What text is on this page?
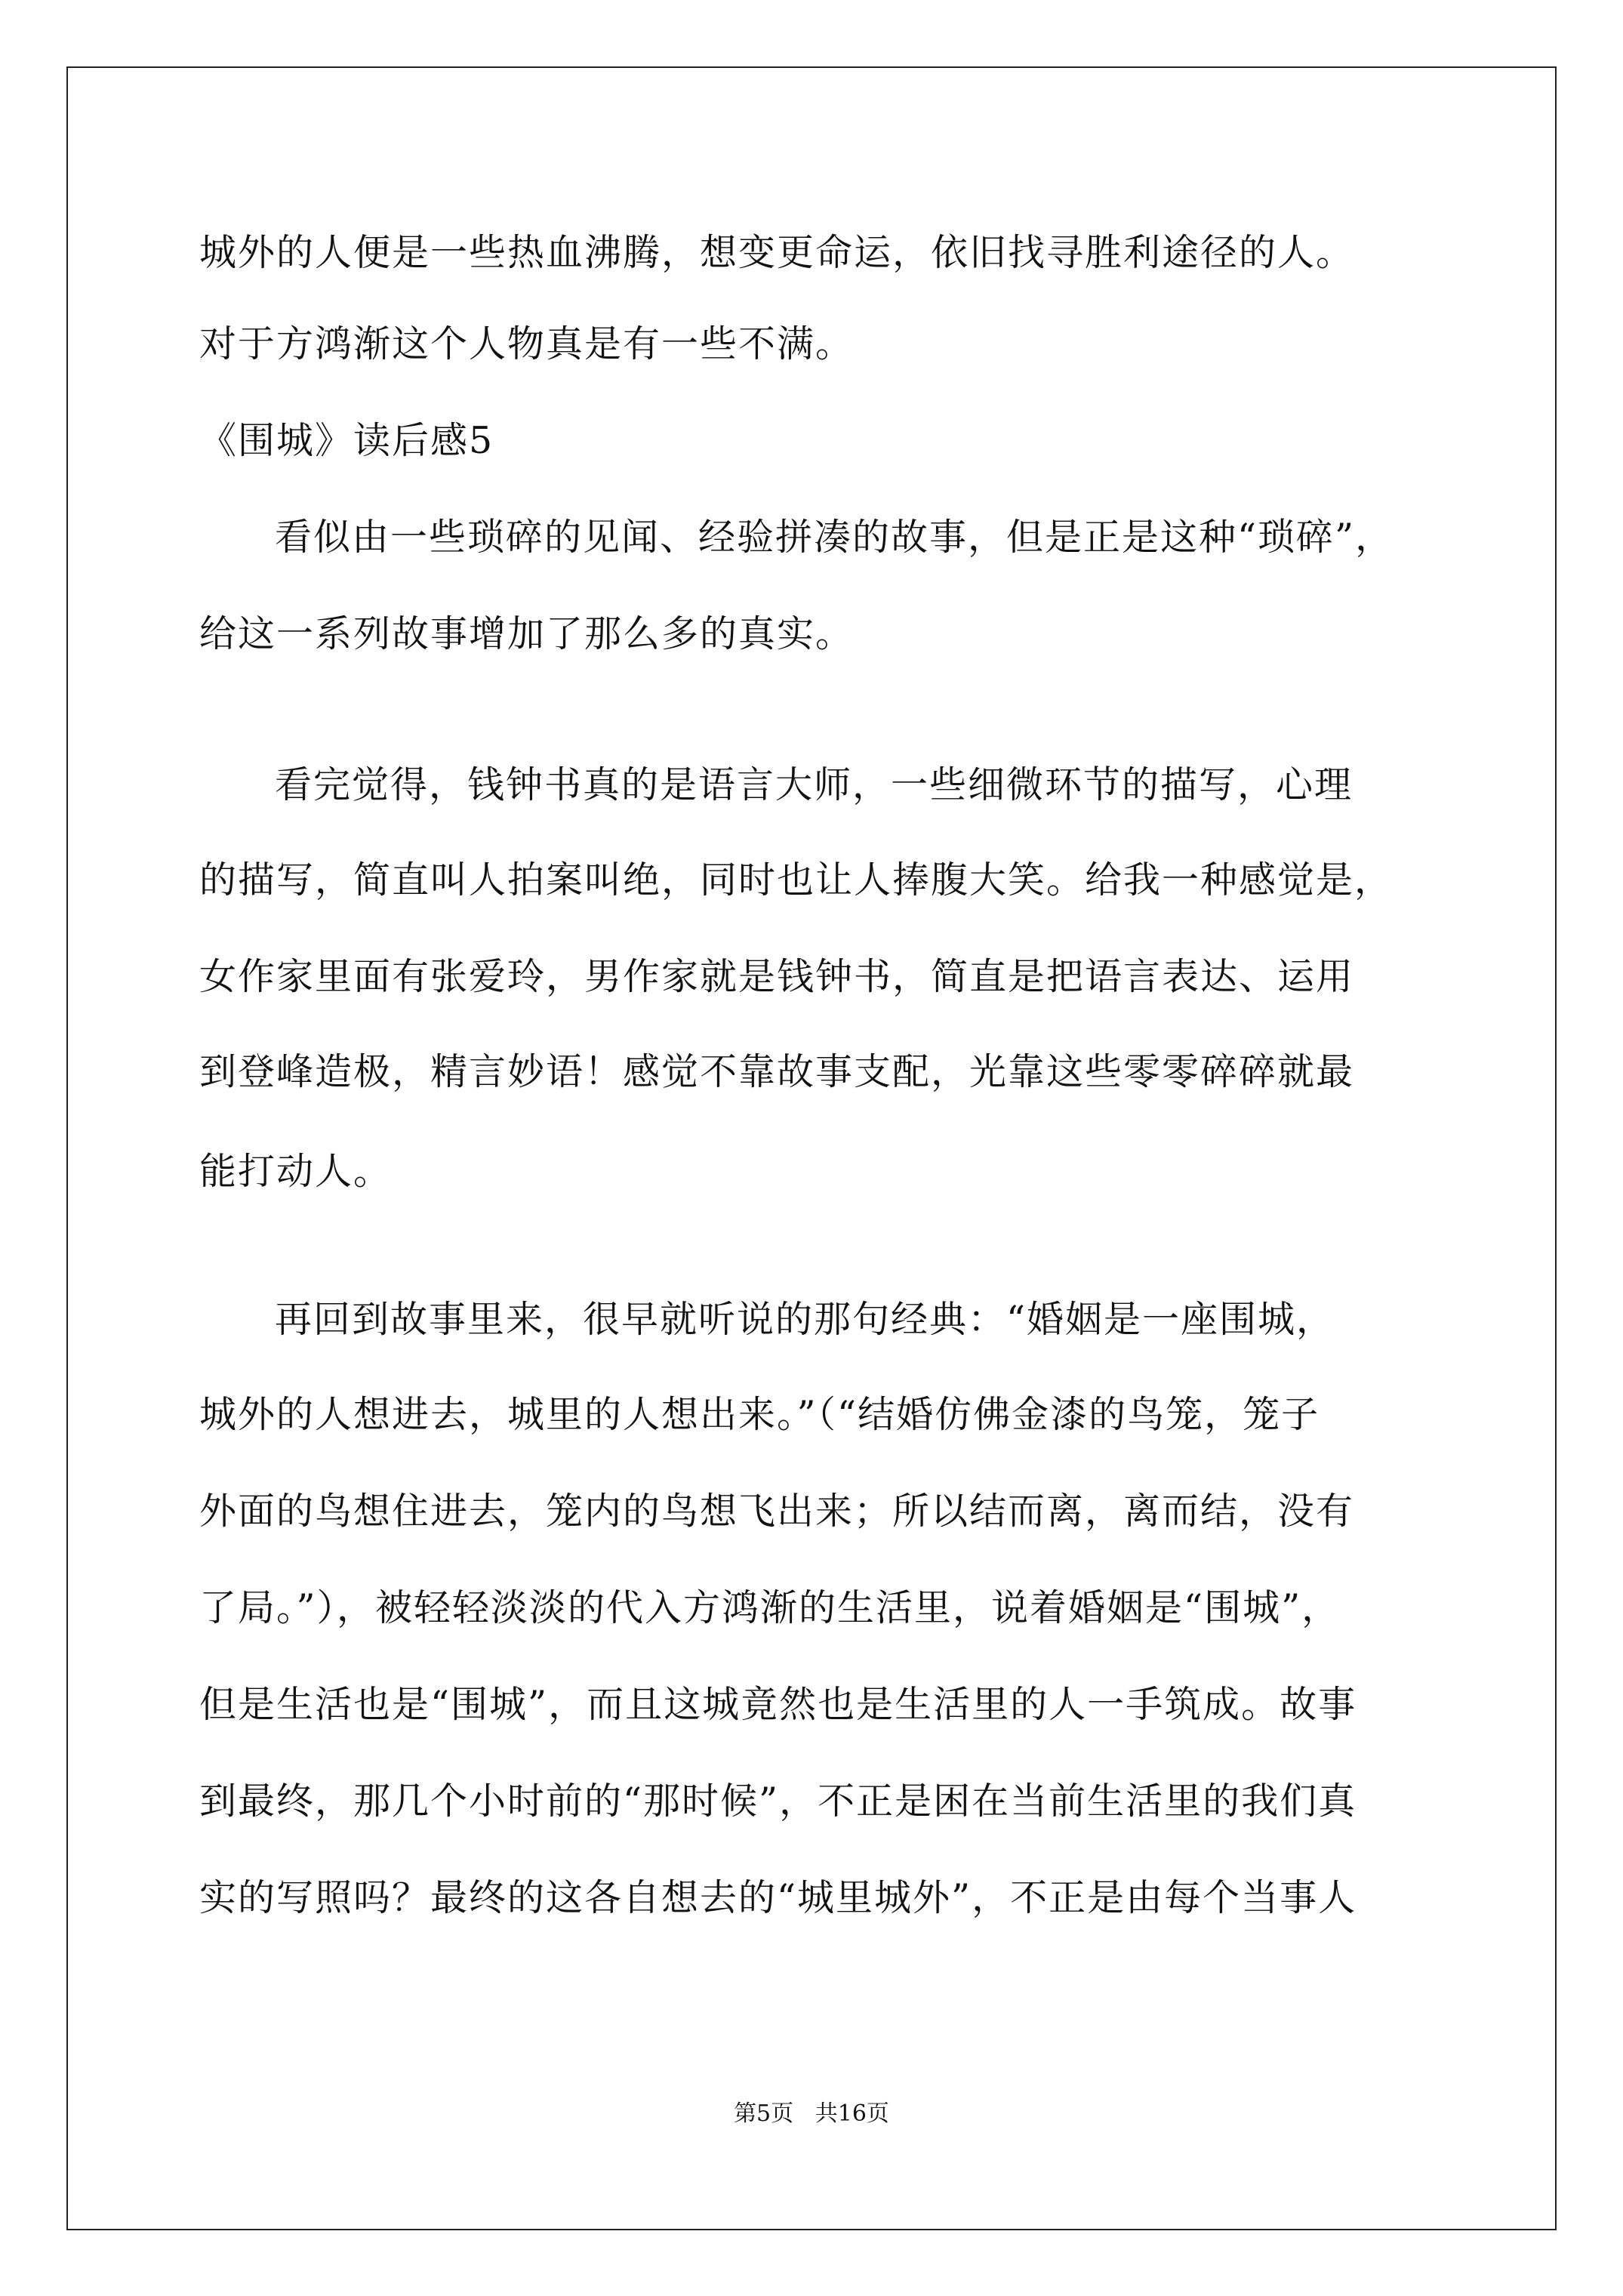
城外的人便是一些热血沸腾，想变更命运，依旧找寻胜利途径的人。
对于方鸿渐这个人物真是有一些不满。
《围城》读后感5
看似由一些琐碎的见闻、经验拼凑的故事，但是正是这种“琐碎”，
给这一系列故事增加了那么多的真实。
看完觉得，钱钟书真的是语言大师，一些细微环节的描写，心理
的描写，简直叫人拍案叫绝，同时也让人捧腹大笑。给我一种感觉是，
女作家里面有张爱玲，男作家就是钱钟书，简直是把语言表达、运用
到登峰造极，精言妙语！感觉不靠故事支配，光靠这些零零碎碎就最
能打动人。
再回到故事里来，很早就听说的那句经典：“婚姻是一座围城，
城外的人想进去，城里的人想出来。”（“结婚仿佛金漆的鸟笼，笼子
外面的鸟想住进去，笼内的鸟想飞出来；所以结而离，离而结，没有
了局。”），被轻轻淡淡的代入方鸿渐的生活里，说着婚姻是“围城”，
但是生活也是“围城”，而且这城竟然也是生活里的人一手筑成。故事
到最终，那几个小时前的“那时候”，不正是困在当前生活里的我们真
实的写照吗？最终的这各自想去的“城里城外”，不正是由每个当事人
第5页   共16页
